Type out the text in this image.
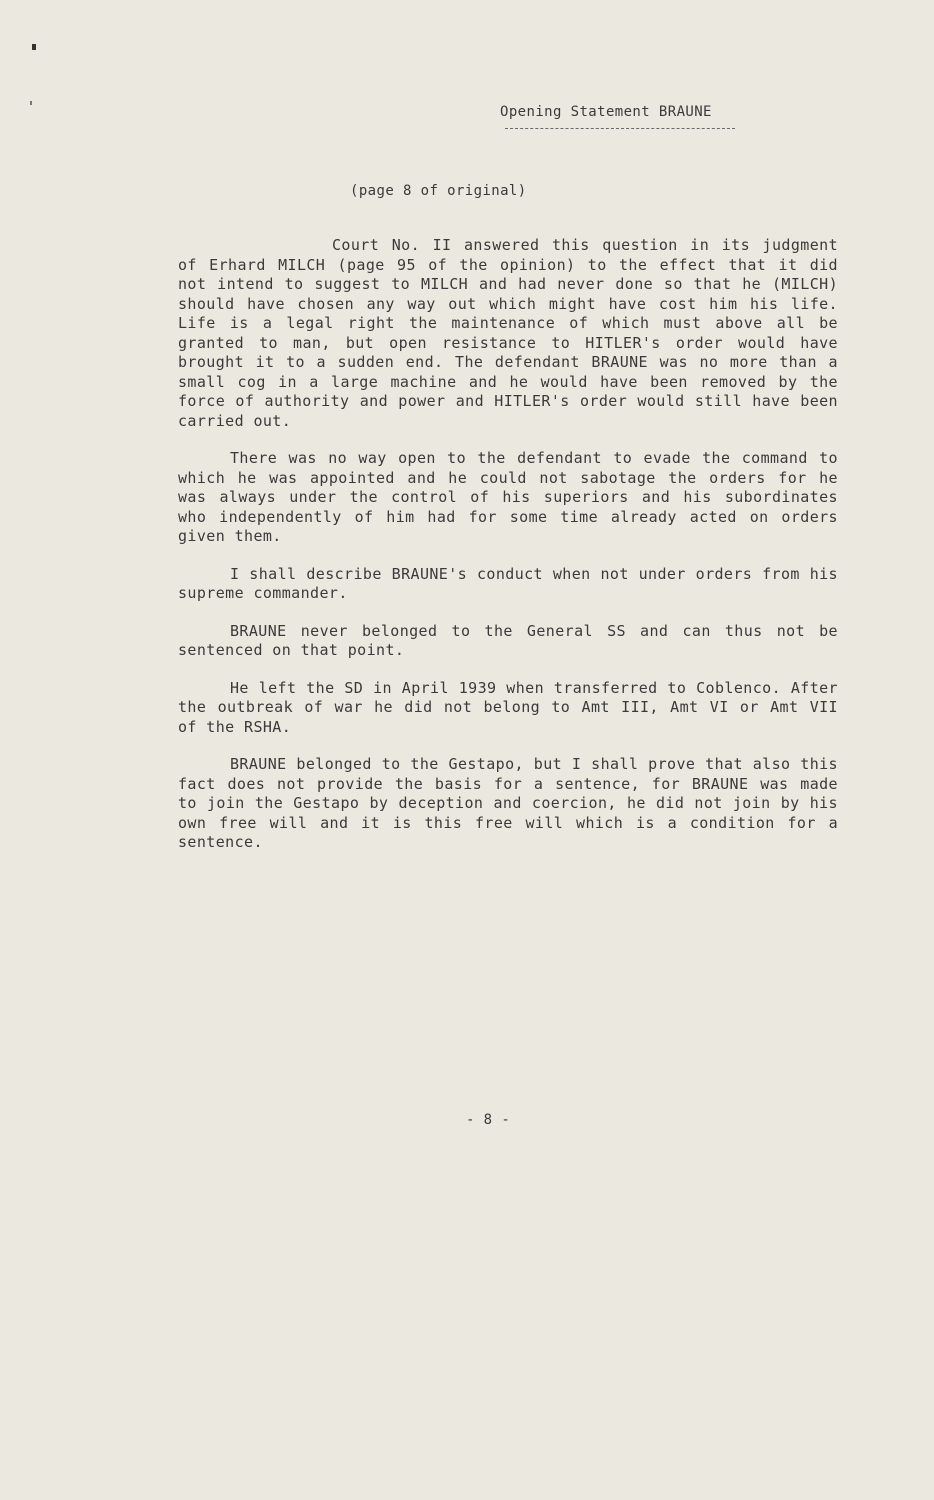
Opening Statement BRAUNE
(page 8 of original)

Court No. II answered this question in its judgment of Erhard MILCH (page 95 of the opinion) to the effect that it did not intend to suggest to MILCH and had never done so that he (MILCH) should have chosen any way out which might have cost him his life. Life is a legal right the maintenance of which must above all be granted to man, but open resistance to HITLER's order would have brought it to a sudden end. The defendant BRAUNE was no more than a small cog in a large machine and he would have been removed by the force of authority and power and HITLER's order would still have been carried out.

There was no way open to the defendant to evade the command to which he was appointed and he could not sabotage the orders for he was always under the control of his superiors and his subordinates who independently of him had for some time already acted on orders given them.

I shall describe BRAUNE's conduct when not under orders from his supreme commander.

BRAUNE never belonged to the General SS and can thus not be sentenced on that point.

He left the SD in April 1939 when transferred to Coblenco. After the outbreak of war he did not belong to Amt III, Amt VI or Amt VII of the RSHA.

BRAUNE belonged to the Gestapo, but I shall prove that also this fact does not provide the basis for a sentence, for BRAUNE was made to join the Gestapo by deception and coercion, he did not join by his own free will and it is this free will which is a condition for a sentence.

- 8 -
